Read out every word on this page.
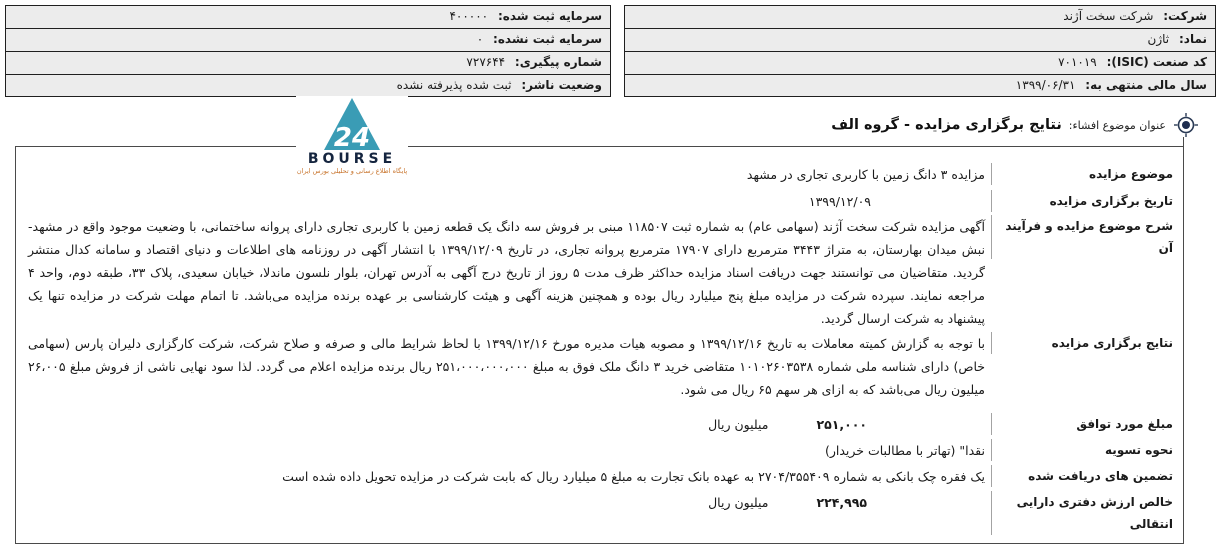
شرکت: شرکت سخت آژند
نماد: ثاژن
کد صنعت (ISIC): ۷۰۱۰۱۹
سال مالی منتهی به: ۱۳۹۹/۰۶/۳۱
سرمایه ثبت شده: ۴۰۰۰۰۰
سرمایه ثبت نشده: ۰
شماره پیگیری: ۷۲۷۶۴۴
وضعیت ناشر: ثبت شده پذیرفته نشده
عنوان موضوع افشاء:
نتایج برگزاری مزایده - گروه الف
موضوع مزایده
مزایده ۳ دانگ زمین با کاربری تجاری در مشهد
تاریخ برگزاری مزایده
۱۳۹۹/۱۲/۰۹
شرح موضوع مزایده و فرآیند آن
آگهی مزایده شرکت سخت آژند (سهامی عام) به شماره ثبت ۱۱۸۵۰۷ مبنی بر فروش سه دانگ یک قطعه زمین با کاربری تجاری دارای پروانه ساختمانی، با وضعیت موجود واقع در مشهد- نبش میدان بهارستان، به متراژ ۳۴۴۳ مترمربع دارای ۱۷۹۰۷ مترمربع پروانه تجاری، در تاریخ ۱۳۹۹/۱۲/۰۹ با انتشار آگهی در روزنامه های اطلاعات و دنیای اقتصاد و سامانه کدال منتشر گردید. متقاضیان می توانستند جهت دریافت اسناد مزایده حداکثر ظرف مدت ۵ روز از تاریخ درج آگهی به آدرس تهران، بلوار نلسون ماندلا، خیابان سعیدی، پلاک ۳۳، طبقه دوم، واحد ۴ مراجعه نمایند. سپرده شرکت در مزایده مبلغ پنج میلیارد ریال بوده و همچنین هزینه آگهی و هیئت کارشناسی بر عهده برنده مزایده می‌باشد. تا اتمام مهلت شرکت در مزایده تنها یک پیشنهاد به شرکت ارسال گردید.
نتایج برگزاری مزایده
با توجه به گزارش کمیته معاملات به تاریخ ۱۳۹۹/۱۲/۱۶ و مصوبه هیات مدیره مورخ ۱۳۹۹/۱۲/۱۶ با لحاظ شرایط مالی و صرفه و صلاح شرکت، شرکت کارگزاری دلیران پارس (سهامی خاص) دارای شناسه ملی شماره ۱۰۱۰۲۶۰۳۵۳۸ متقاضی خرید ۳ دانگ ملک فوق به مبلغ ۲۵۱،۰۰۰،۰۰۰،۰۰۰ ریال برنده مزایده اعلام می گردد. لذا سود نهایی ناشی از فروش مبلغ ۲۶،۰۰۵ میلیون ریال می‌باشد که به ازای هر سهم ۶۵ ریال می شود.
مبلغ مورد توافق
۲۵۱,۰۰۰ میلیون ریال
نحوه تسویه
نقدا" (تهاتر با مطالبات خریدار)
تضمین های دریافت شده
یک فقره چک بانکی به شماره ۲۷۰۴/۳۵۵۴۰۹ به عهده بانک تجارت به مبلغ ۵ میلیارد ریال که بابت شرکت در مزایده تحویل داده شده است
خالص ارزش دفتری دارایی انتقالی
۲۲۴,۹۹۵ میلیون ریال
24
BOURSE
پایگاه اطلاع رسانی و تحلیلی بورس ایران
